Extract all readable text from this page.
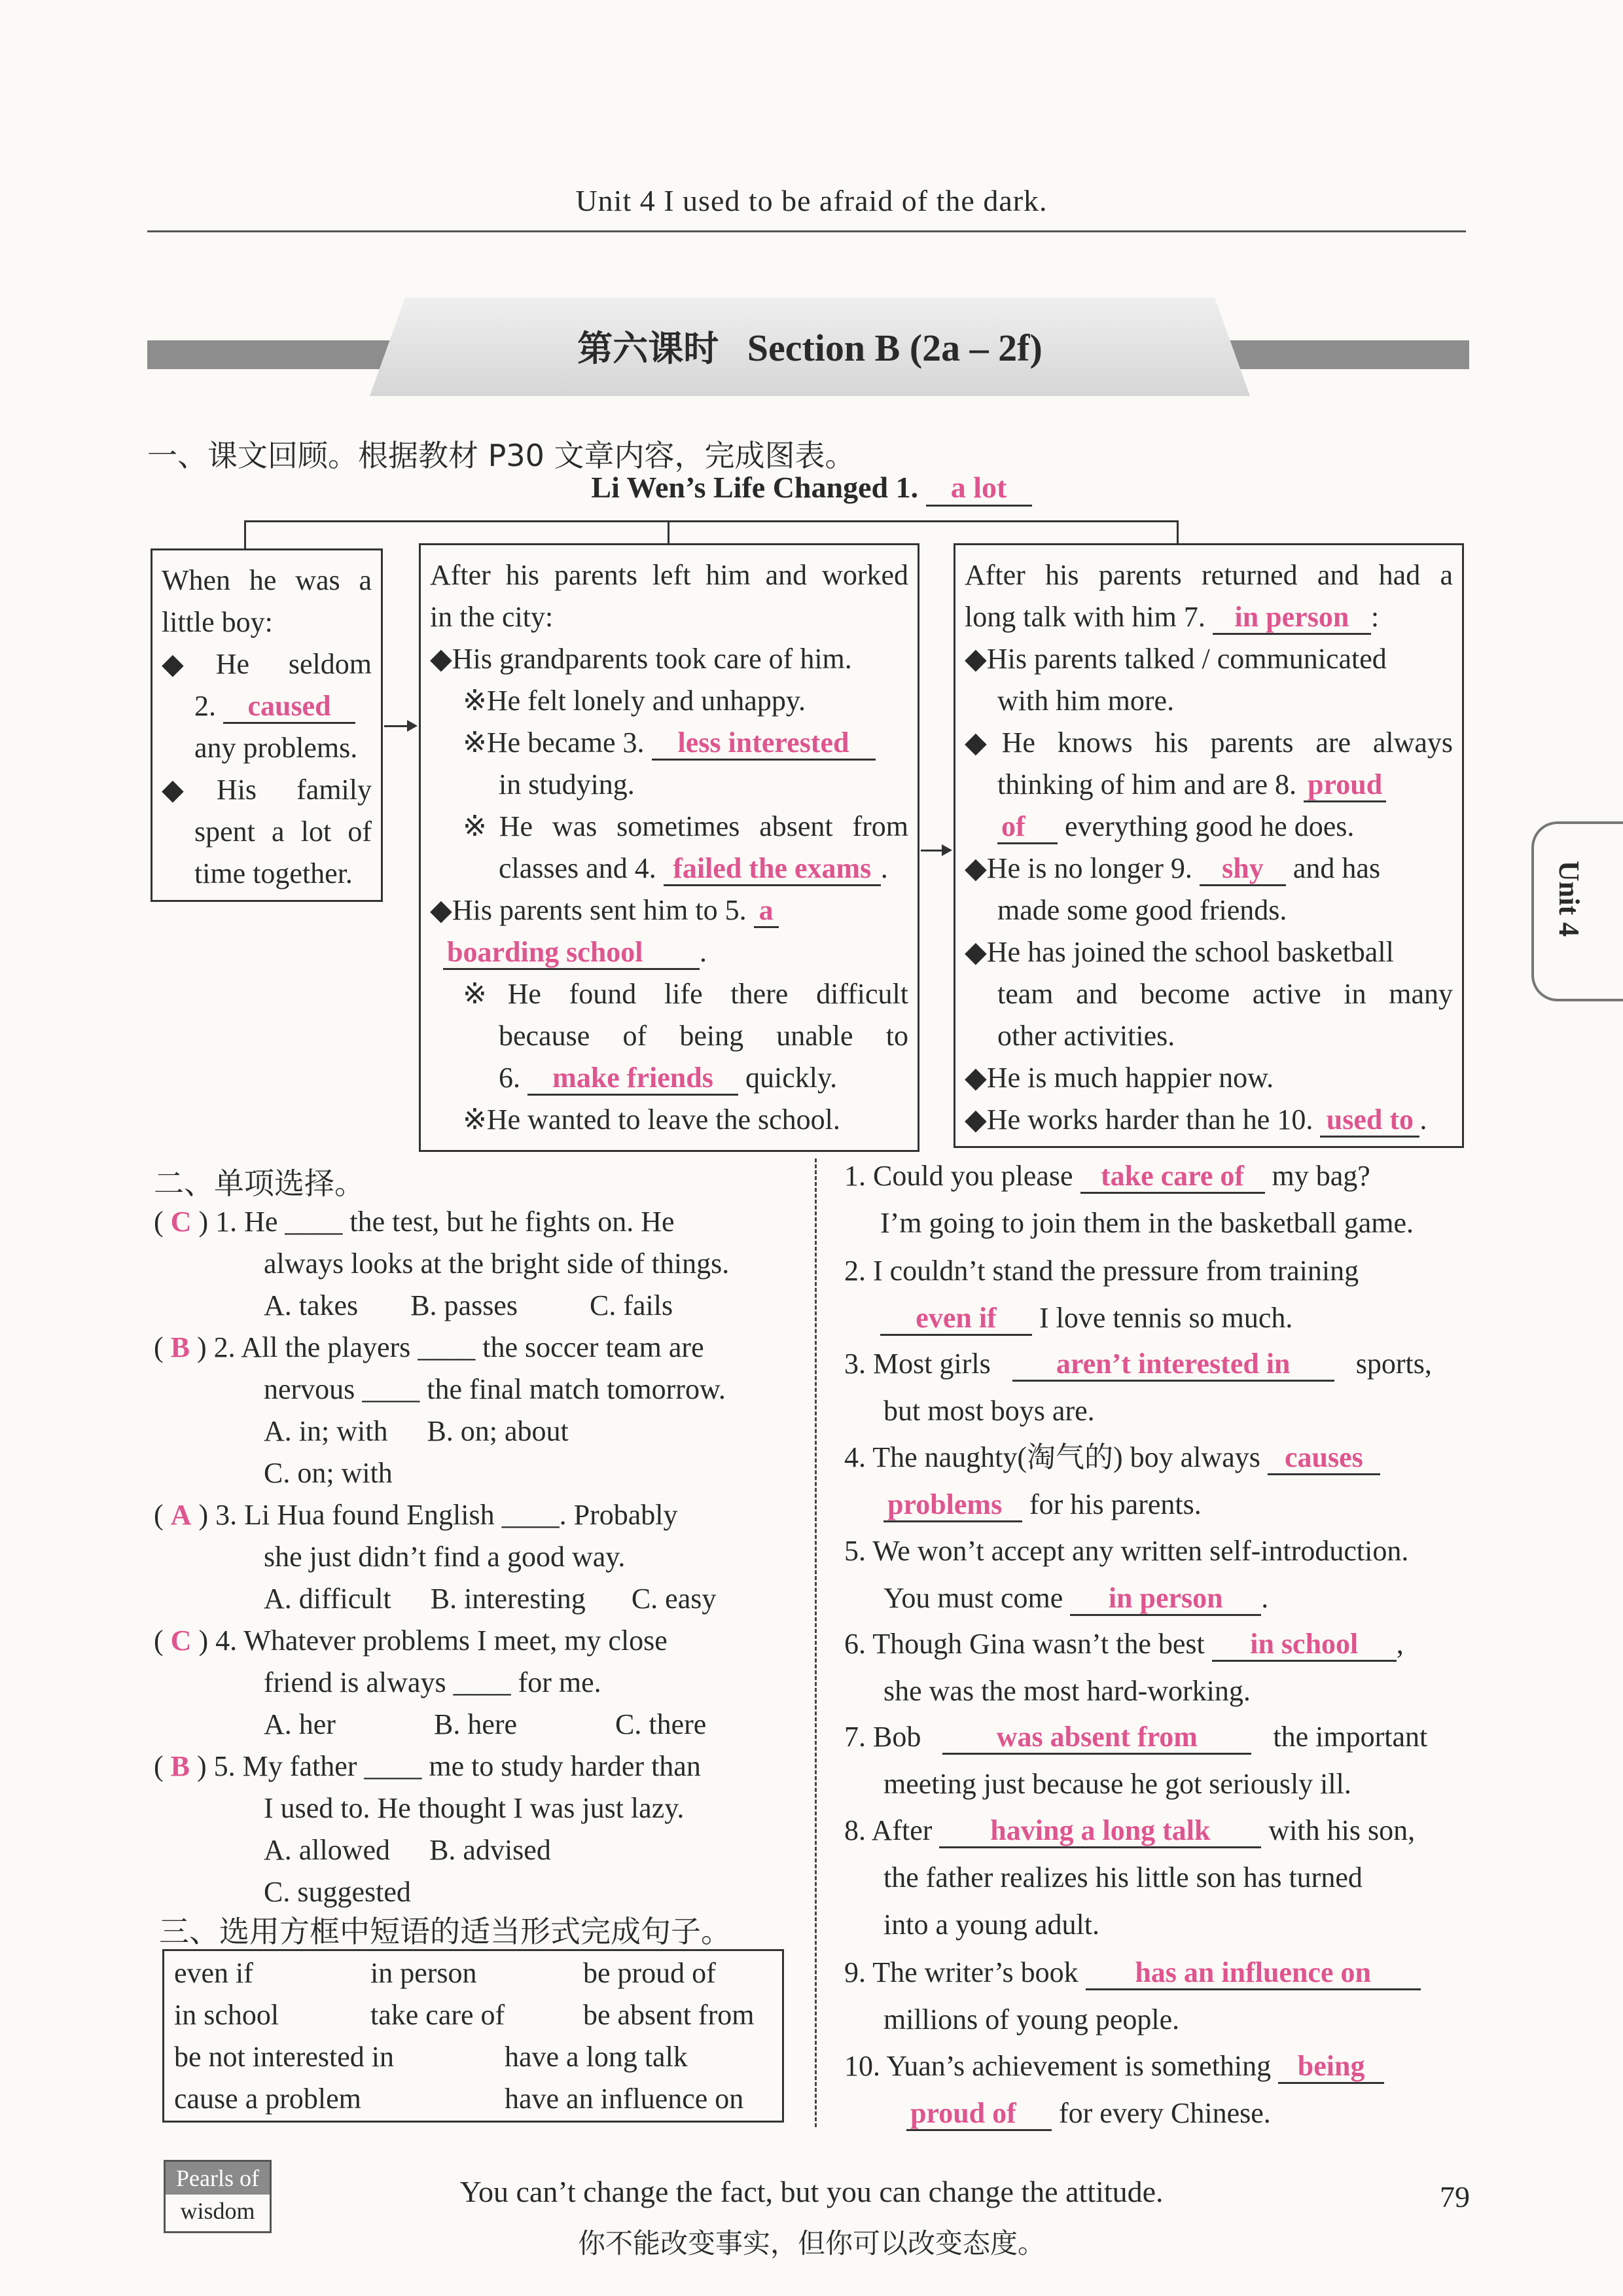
Unit 4 I used to be afraid of the dark.
第六课时 Section B (2a – 2f)
一、课文回顾。根据教材 P30 文章内容，完成图表。
Li Wen’s Life Changed 1. a lot
When he was a
little boy:
◆He seldom
2. caused
any problems.
◆His family
spent a lot of
time together.
After his parents left him and worked
in the city:
◆His grandparents took care of him.
※He felt lonely and unhappy.
※He became 3. less interested
in studying.
※He was sometimes absent from
classes and 4. failed the exams .
◆His parents sent him to 5. a
boarding school .
※He found life there difficult
because of being unable to
6. make friends quickly.
※He wanted to leave the school.
After his parents returned and had a
long talk with him 7. in person :
◆His parents talked / communicated
with him more.
◆He knows his parents are always
thinking of him and are 8. proud
of everything good he does.
◆He is no longer 9. shy and has
made some good friends.
◆He has joined the school basketball
team and become active in many
other activities.
◆He is much happier now.
◆He works harder than he 10. used to .
二、单项选择。
( C ) 1. He ____ the test, but he fights on. He
always looks at the bright side of things.
A. takes B. passes	C. fails
( B ) 2. All the players ____ the soccer team are
nervous ____ the final match tomorrow.
A. in; with B. on; about
C. on; with
( A ) 3. Li Hua found English ____. Probably
she just didn’t find a good way.
A. difficult B. interesting C. easy
( C ) 4. Whatever problems I meet, my close
friend is always ____ for me.
A. her	B. here	C. there
( B ) 5. My father ____ me to study harder than
I used to. He thought I was just lazy.
A. allowed B. advised
C. suggested
三、选用方框中短语的适当形式完成句子。
even if	in person	be proud of
in school	take care of	be absent from
be not interested in	have a long talk
cause a problem	have an influence on
1. Could you please take care of my bag?
I’m going to join them in the basketball game.
2. I couldn’t stand the pressure from training
even if I love tennis so much.
3. Most girls aren’t interested in sports,
but most boys are.
4. The naughty(淘气的) boy always causes
problems for his parents.
5. We won’t accept any written self-introduction.
You must come in person .
6. Though Gina wasn’t the best in school ,
she was the most hard-working.
7. Bob	was absent from	the important
meeting just because he got seriously ill.
8. After having a long talk with his son,
the father realizes his little son has turned
into a young adult.
9. The writer’s book has an influence on
millions of young people.
10. Yuan’s achievement is something being
proud of for every Chinese.
Unit 4
Pearls of
wisdom
You can’t change the fact, but you can change the attitude.
你不能改变事实，但你可以改变态度。
79
